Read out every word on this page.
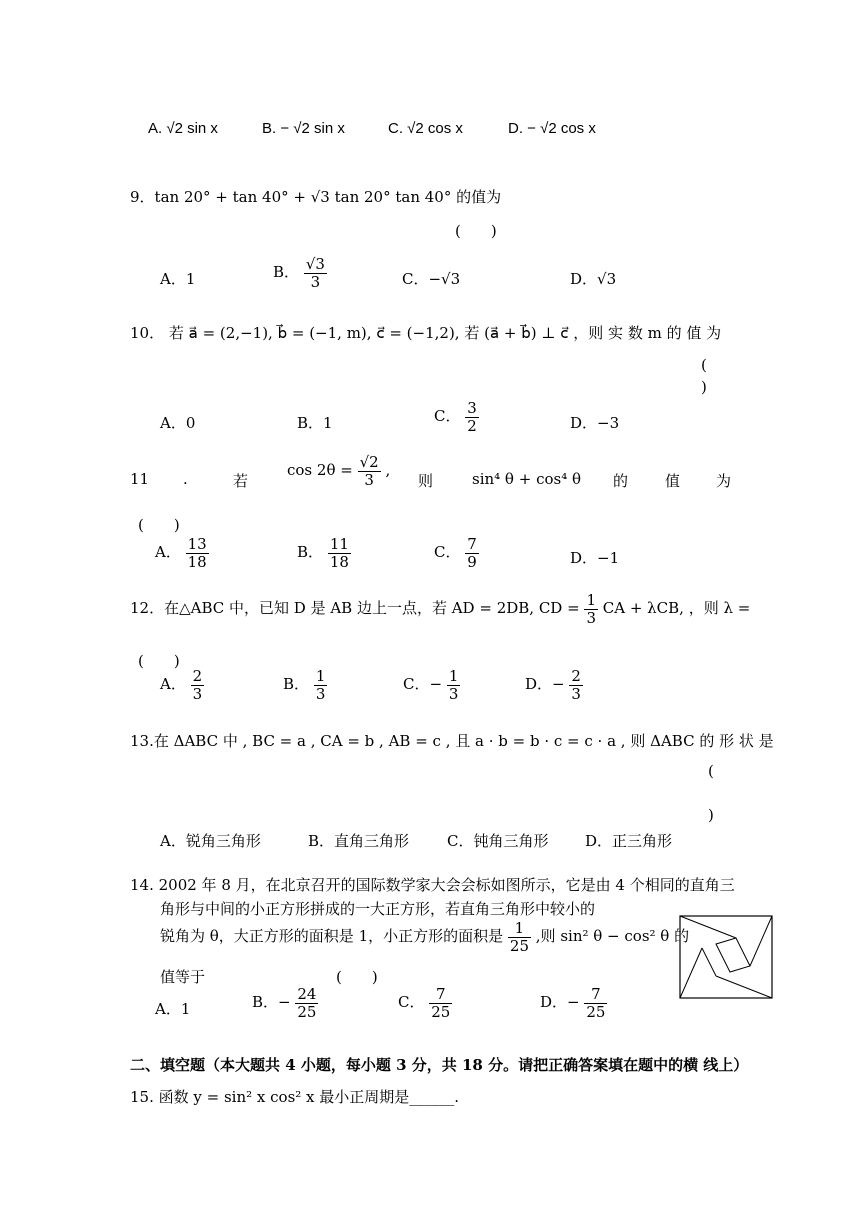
A. √2 sin x	B. − √2 sin x	C. √2 cos x	D. − √2 cos x
9．tan 20° + tan 40° + √3 tan 20° tan 40° 的值为
(　　)
A．1	B． $\frac{√3}{3}$	C．−√3	D．√3
10． 若 a⃗ = (2,−1), b⃗ = (−1, m), c⃗ = (−1,2), 若 (a⃗ + b⃗) ⊥ c⃗ ，则 实 数 m 的 值 为
(
)
A．0	B．1	C． $\frac{3}{2}$	D．−3
11 .	若
$\cos 2\theta = \frac{√2}{3}$ ,
则	sin⁴ θ + cos⁴ θ 的 值 为
(　　)
A． $\frac{13}{18}$	B． $\frac{11}{18}$	C． $\frac{7}{9}$	D．−1
12．在△ABC 中，已知 D 是 AB 边上一点，若 AD = 2DB, CD = $\frac{1}{3}$ CA + λCB, ，则 λ =
(　　)
A． $\frac{2}{3}$	B． $\frac{1}{3}$	C．− $\frac{1}{3}$	D．− $\frac{2}{3}$
13.在 ΔABC 中 , BC = a , CA = b , AB = c , 且 a · b = b · c = c · a , 则 ΔABC 的 形 状 是
(
)
A．锐角三角形	B．直角三角形	C．钝角三角形 D．正三角形
14. 2002 年 8 月，在北京召开的国际数学家大会会标如图所示，它是由 4 个相同的直角三
角形与中间的小正方形拼成的一大正方形，若直角三角形中较小的
锐角为 θ，大正方形的面积是 1，小正方形的面积是 $\frac{1}{25}$ ,则 sin² θ − cos² θ 的
值等于	(　　)
A．1	B．− $\frac{24}{25}$	C． $\frac{7}{25}$	D．− $\frac{7}{25}$
二、填空题（本大题共 4 小题，每小题 3 分，共 18 分。请把正确答案填在题中的横 线上）
15. 函数 y = sin² x cos² x 最小正周期是______.
